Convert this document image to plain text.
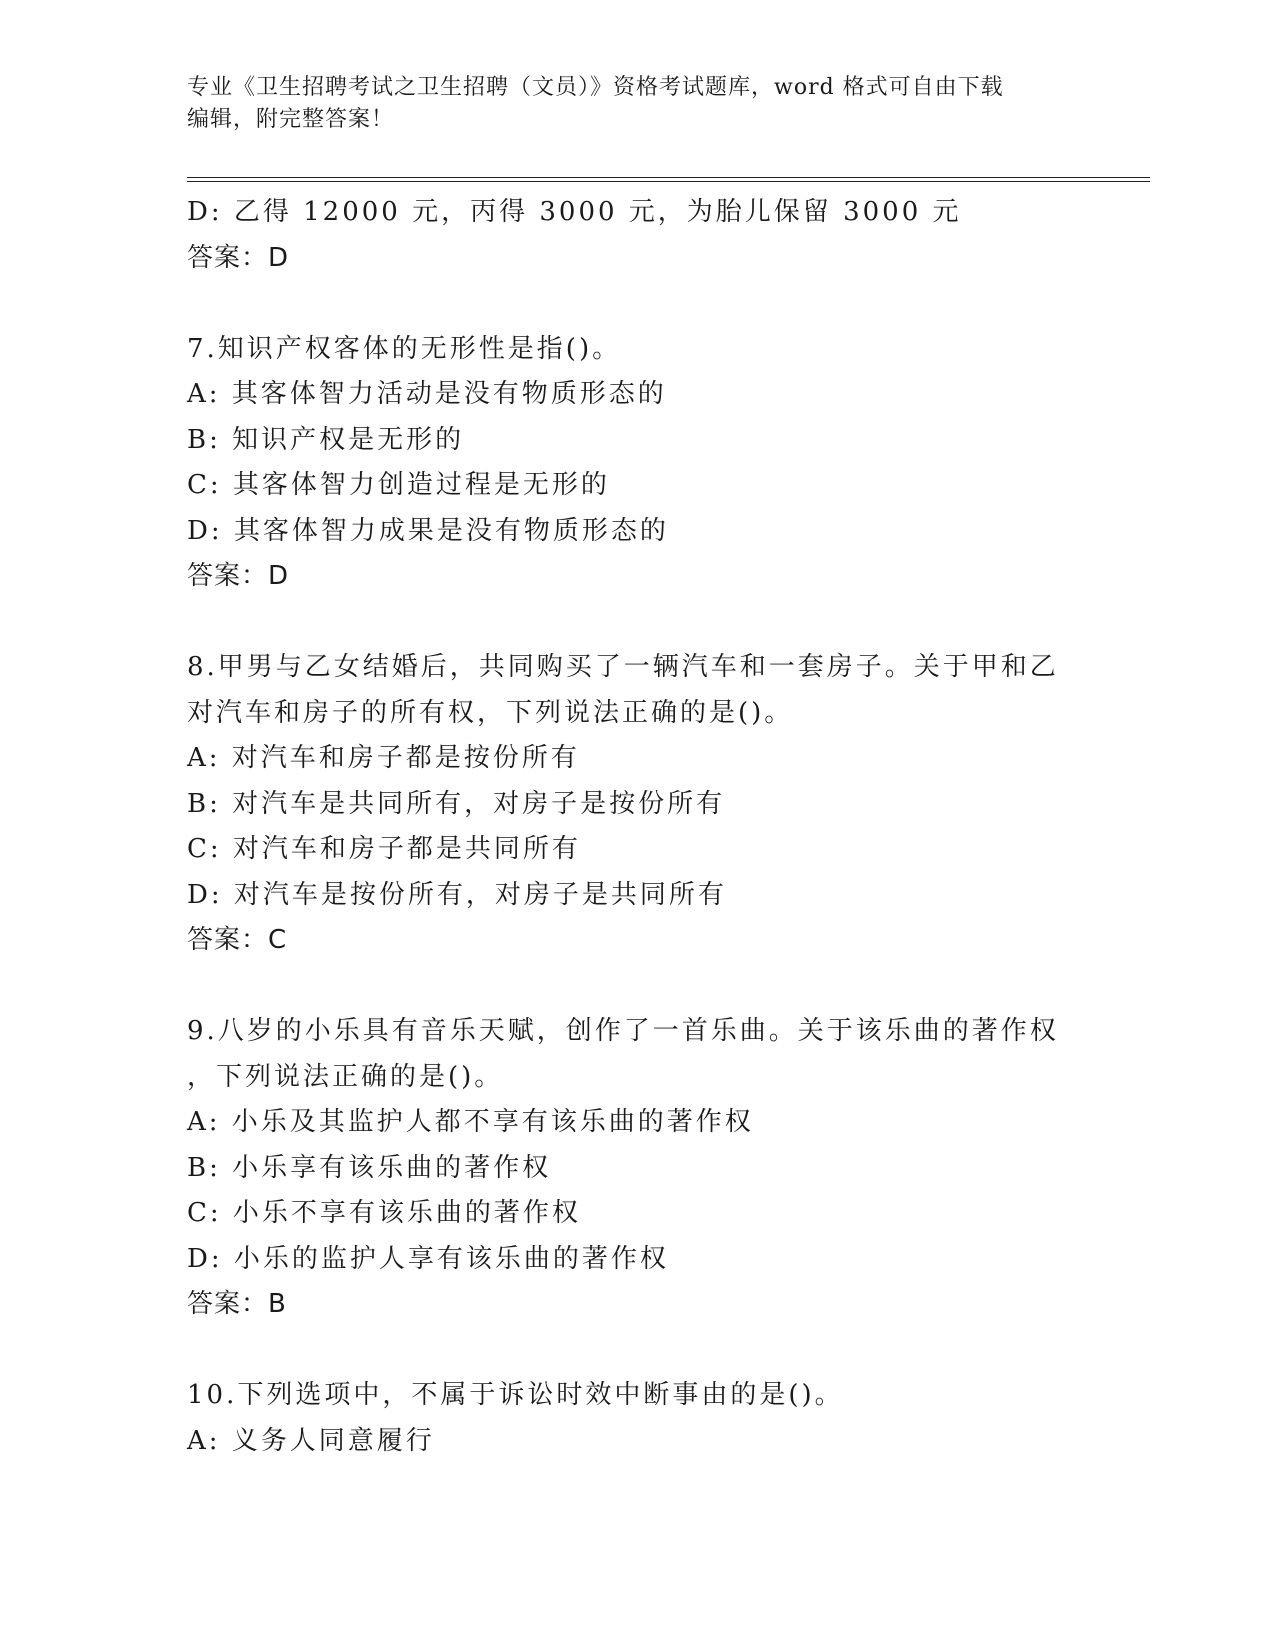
专业《卫生招聘考试之卫生招聘（文员）》资格考试题库，word 格式可自由下载
编辑，附完整答案！
D: 乙得 12000 元，丙得 3000 元，为胎儿保留 3000 元
答案：D
7.知识产权客体的无形性是指()。
A: 其客体智力活动是没有物质形态的
B: 知识产权是无形的
C: 其客体智力创造过程是无形的
D: 其客体智力成果是没有物质形态的
答案：D
8.甲男与乙女结婚后，共同购买了一辆汽车和一套房子。关于甲和乙
对汽车和房子的所有权，下列说法正确的是()。
A: 对汽车和房子都是按份所有
B: 对汽车是共同所有，对房子是按份所有
C: 对汽车和房子都是共同所有
D: 对汽车是按份所有，对房子是共同所有
答案：C
9.八岁的小乐具有音乐天赋，创作了一首乐曲。关于该乐曲的著作权
，下列说法正确的是()。
A: 小乐及其监护人都不享有该乐曲的著作权
B: 小乐享有该乐曲的著作权
C: 小乐不享有该乐曲的著作权
D: 小乐的监护人享有该乐曲的著作权
答案：B
10.下列选项中，不属于诉讼时效中断事由的是()。
A: 义务人同意履行
